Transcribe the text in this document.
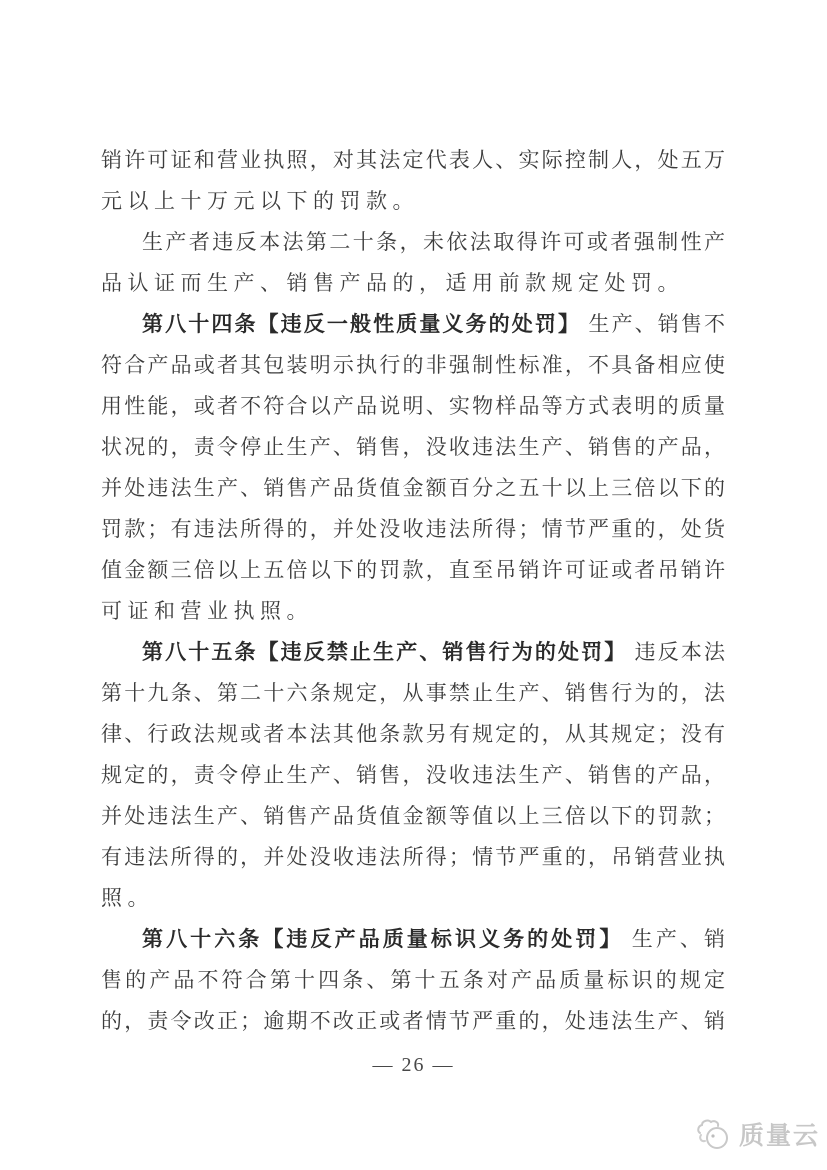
销许可证和营业执照，对其法定代表人、实际控制人，处五万
元以上十万元以下的罚款。
生产者违反本法第二十条，未依法取得许可或者强制性产
品认证而生产、销售产品的，适用前款规定处罚。
第八十四条【违反一般性质量义务的处罚】 生产、销售不
符合产品或者其包装明示执行的非强制性标准，不具备相应使
用性能，或者不符合以产品说明、实物样品等方式表明的质量
状况的，责令停止生产、销售，没收违法生产、销售的产品，
并处违法生产、销售产品货值金额百分之五十以上三倍以下的
罚款；有违法所得的，并处没收违法所得；情节严重的，处货
值金额三倍以上五倍以下的罚款，直至吊销许可证或者吊销许
可证和营业执照。
第八十五条【违反禁止生产、销售行为的处罚】 违反本法
第十九条、第二十六条规定，从事禁止生产、销售行为的，法
律、行政法规或者本法其他条款另有规定的，从其规定；没有
规定的，责令停止生产、销售，没收违法生产、销售的产品，
并处违法生产、销售产品货值金额等值以上三倍以下的罚款；
有违法所得的，并处没收违法所得；情节严重的，吊销营业执
照。
第八十六条【违反产品质量标识义务的处罚】 生产、销
售的产品不符合第十四条、第十五条对产品质量标识的规定
的，责令改正；逾期不改正或者情节严重的，处违法生产、销
— 26 —
质量云
